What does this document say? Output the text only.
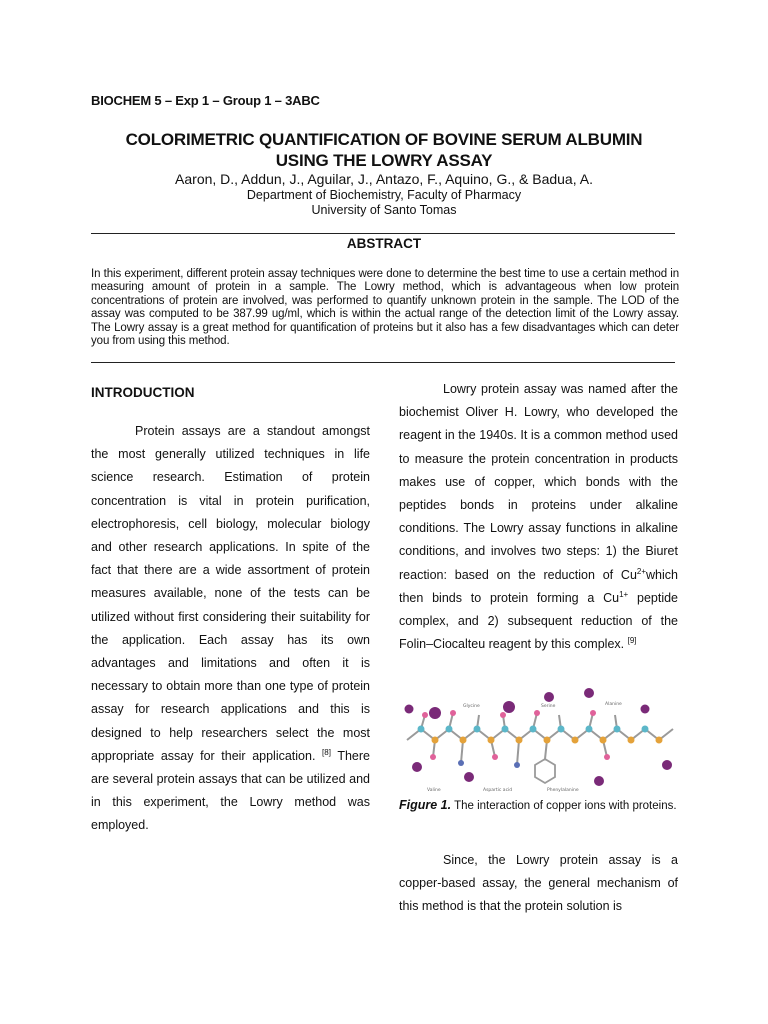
BIOCHEM 5 – Exp 1 – Group 1 – 3ABC
COLORIMETRIC QUANTIFICATION OF BOVINE SERUM ALBUMIN
USING THE LOWRY ASSAY
Aaron, D., Addun, J., Aguilar, J., Antazo, F., Aquino, G., & Badua, A.
Department of Biochemistry, Faculty of Pharmacy
University of Santo Tomas
ABSTRACT
In this experiment, different protein assay techniques were done to determine the best time to use a certain method in measuring amount of protein in a sample. The Lowry method, which is advantageous when low protein concentrations of protein are involved, was performed to quantify unknown protein in the sample. The LOD of the assay was computed to be 387.99 ug/ml, which is within the actual range of the detection limit of the Lowry assay. The Lowry assay is a great method for quantification of proteins but it also has a few disadvantages which can deter you from using this method.
INTRODUCTION

Protein assays are a standout amongst the most generally utilized techniques in life science research. Estimation of protein concentration is vital in protein purification, electrophoresis, cell biology, molecular biology and other research applications. In spite of the fact that there are a wide assortment of protein measures available, none of the tests can be utilized without first considering their suitability for the application. Each assay has its own advantages and limitations and often it is necessary to obtain more than one type of protein assay for research applications and this is designed to help researchers select the most appropriate assay for their application. [8] There are several protein assays that can be utilized and in this experiment, the Lowry method was employed.

Lowry protein assay was named after the biochemist Oliver H. Lowry, who developed the reagent in the 1940s. It is a common method used to measure the protein concentration in products makes use of copper, which bonds with the peptides bonds in proteins under alkaline conditions. The Lowry assay functions in alkaline conditions, and involves two steps: 1) the Biuret reaction: based on the reduction of $Cu^{2+}which$ then binds to protein forming a $Cu^{1+}$ peptide complex, and 2) subsequent reduction of the Folin–Ciocalteu reagent by this complex. [9]

Glycine	Serine	Alanine
Valine	Aspartic acid	Phenylalanine

Figure 1. The interaction of copper ions with proteins.

Since, the Lowry protein assay is a copper-based assay, the general mechanism of this method is that the protein solution is
